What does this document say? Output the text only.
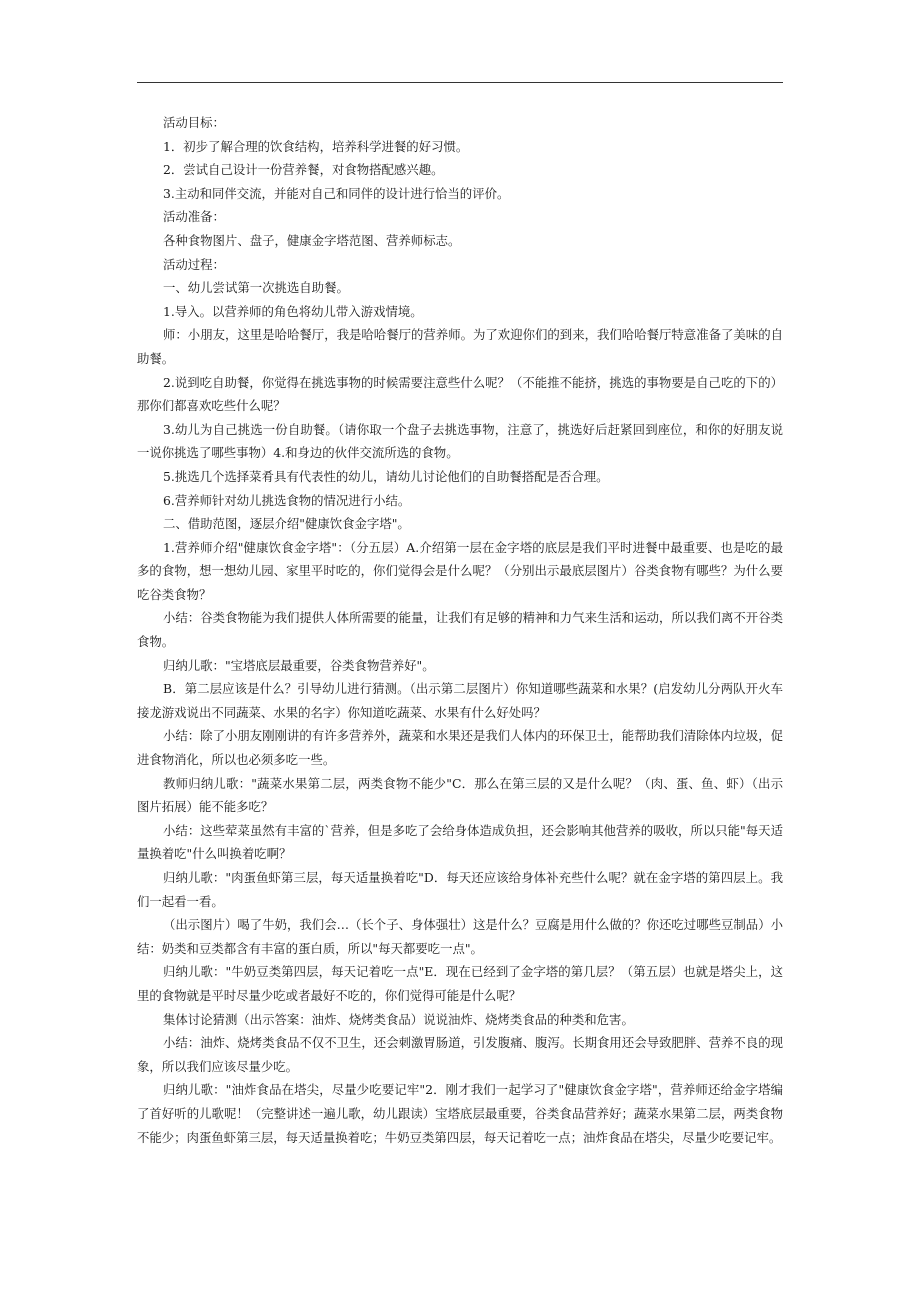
活动目标：

1．初步了解合理的饮食结构，培养科学进餐的好习惯。

2．尝试自己设计一份营养餐，对食物搭配感兴趣。

3.主动和同伴交流，并能对自己和同伴的设计进行恰当的评价。

活动准备：

各种食物图片、盘子，健康金字塔范图、营养师标志。

活动过程：

一、幼儿尝试第一次挑选自助餐。

1.导入。以营养师的角色将幼儿带入游戏情境。

师：小朋友，这里是哈哈餐厅，我是哈哈餐厅的营养师。为了欢迎你们的到来，我们哈哈餐厅特意准备了美味的自助餐。

2.说到吃自助餐，你觉得在挑选事物的时候需要注意些什么呢？（不能推不能挤，挑选的事物要是自己吃的下的）那你们都喜欢吃些什么呢？

3.幼儿为自己挑选一份自助餐。（请你取一个盘子去挑选事物，注意了，挑选好后赶紧回到座位，和你的好朋友说一说你挑选了哪些事物）4.和身边的伙伴交流所选的食物。

5.挑选几个选择菜肴具有代表性的幼儿，请幼儿讨论他们的自助餐搭配是否合理。

6.营养师针对幼儿挑选食物的情况进行小结。

二、借助范图，逐层介绍"健康饮食金字塔"。

1.营养师介绍"健康饮食金字塔"：（分五层）A.介绍第一层在金字塔的底层是我们平时进餐中最重要、也是吃的最多的食物，想一想幼儿园、家里平时吃的，你们觉得会是什么呢？（分别出示最底层图片）谷类食物有哪些？为什么要吃谷类食物？

小结：谷类食物能为我们提供人体所需要的能量，让我们有足够的精神和力气来生活和运动，所以我们离不开谷类食物。

归纳儿歌："宝塔底层最重要，谷类食物营养好"。

B．第二层应该是什么？引导幼儿进行猜测。（出示第二层图片）你知道哪些蔬菜和水果？(启发幼儿分两队开火车接龙游戏说出不同蔬菜、水果的名字）你知道吃蔬菜、水果有什么好处吗？

小结：除了小朋友刚刚讲的有许多营养外，蔬菜和水果还是我们人体内的环保卫士，能帮助我们清除体内垃圾，促进食物消化，所以也必须多吃一些。

教师归纳儿歌："蔬菜水果第二层，两类食物不能少"C．那么在第三层的又是什么呢？（肉、蛋、鱼、虾）（出示图片拓展）能不能多吃？

小结：这些荤菜虽然有丰富的`营养，但是多吃了会给身体造成负担，还会影响其他营养的吸收，所以只能"每天适量换着吃"什么叫换着吃啊？

归纳儿歌："肉蛋鱼虾第三层，每天适量换着吃"D．每天还应该给身体补充些什么呢？就在金字塔的第四层上。我们一起看一看。

（出示图片）喝了牛奶，我们会…（长个子、身体强壮）这是什么？豆腐是用什么做的？你还吃过哪些豆制品）小结：奶类和豆类都含有丰富的蛋白质，所以"每天都要吃一点"。

归纳儿歌："牛奶豆类第四层，每天记着吃一点"E．现在已经到了金字塔的第几层？（第五层）也就是塔尖上，这里的食物就是平时尽量少吃或者最好不吃的，你们觉得可能是什么呢？

集体讨论猜测（出示答案：油炸、烧烤类食品）说说油炸、烧烤类食品的种类和危害。

小结：油炸、烧烤类食品不仅不卫生，还会刺激胃肠道，引发腹痛、腹泻。长期食用还会导致肥胖、营养不良的现象，所以我们应该尽量少吃。

归纳儿歌："油炸食品在塔尖，尽量少吃要记牢"2．刚才我们一起学习了"健康饮食金字塔"，营养师还给金字塔编了首好听的儿歌呢！（完整讲述一遍儿歌，幼儿跟读）宝塔底层最重要，谷类食品营养好；蔬菜水果第二层，两类食物不能少；肉蛋鱼虾第三层，每天适量换着吃；牛奶豆类第四层，每天记着吃一点；油炸食品在塔尖，尽量少吃要记牢。
